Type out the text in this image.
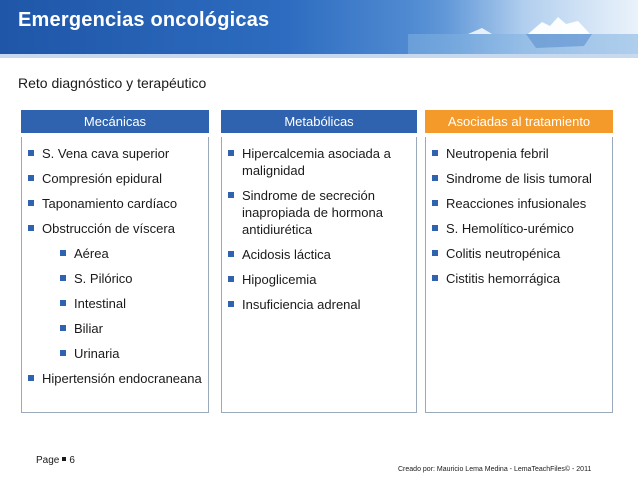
Emergencias oncológicas
Reto diagnóstico y terapéutico
Mecánicas
S. Vena cava superior
Compresión epidural
Taponamiento cardíaco
Obstrucción de víscera
Aérea
S. Pilórico
Intestinal
Biliar
Urinaria
Hipertensión endocraneana
Metabólicas
Hipercalcemia asociada a malignidad
Sindrome de secreción inapropiada de hormona antidiurética
Acidosis láctica
Hipoglicemia
Insuficiencia adrenal
Asociadas al tratamiento
Neutropenia febril
Sindrome de lisis tumoral
Reacciones infusionales
S. Hemolítico-urémico
Colitis neutropénica
Cistitis hemorrágica
Page 6
Creado por: Mauricio Lema Medina - LemaTeachFiles© - 2011
